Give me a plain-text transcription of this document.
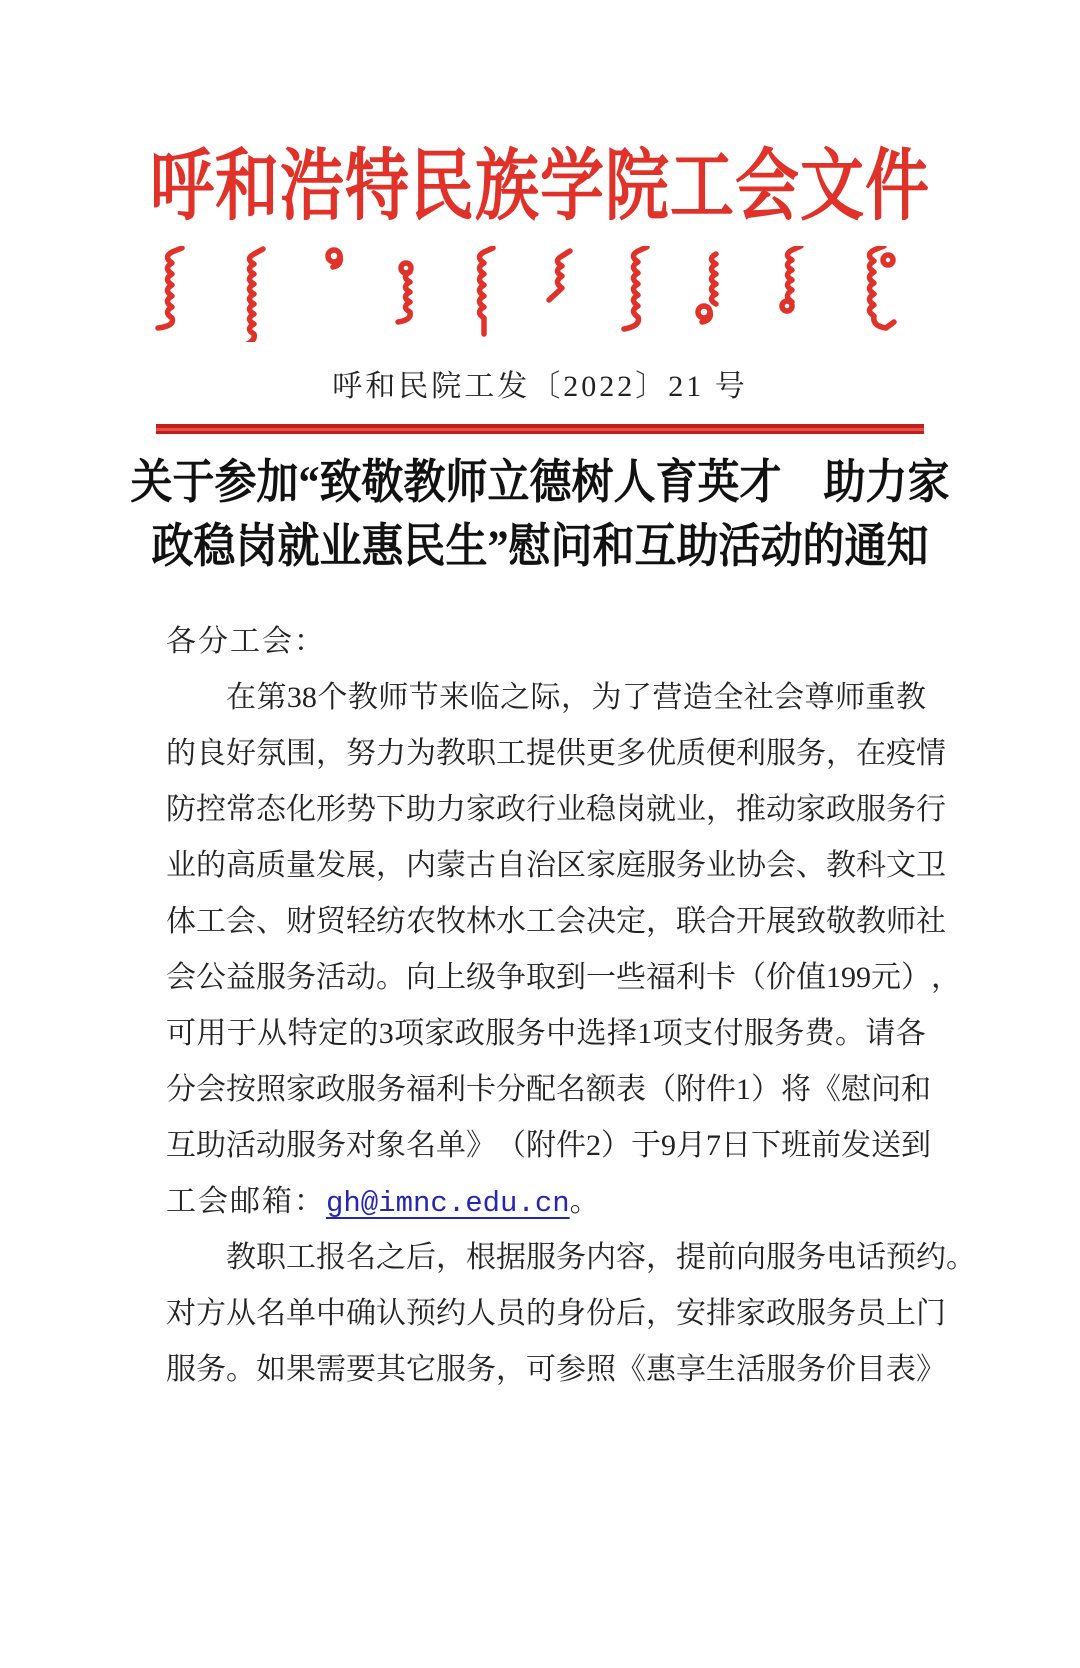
呼和浩特民族学院工会文件
呼和民院工发〔2022〕21 号
关于参加“致敬教师立德树人育英才　助力家
政稳岗就业惠民生”慰问和互助活动的通知
各分工会：
在 第 38 个 教 师 节 来 临 之 际 ， 为 了 营 造 全 社 会 尊 师 重 教
的 良 好 氛 围 ， 努 力 为 教 职 工 提 供 更 多 优 质 便 利 服 务 ， 在 疫 情
防 控 常 态 化 形 势 下 助 力 家 政 行 业 稳 岗 就 业 ， 推 动 家 政 服 务 行
业 的 高 质 量 发 展 ， 内 蒙 古 自 治 区 家 庭 服 务 业 协 会 、 教 科 文 卫
体 工 会 、 财 贸 轻 纺 农 牧 林 水 工 会 决 定 ， 联 合 开 展 致 敬 教 师 社
会 公 益 服 务 活 动 。 向 上 级 争 取 到 一 些 福 利 卡 （ 价 值 199 元 ） ，
可 用 于 从 特 定 的 3 项 家 政 服 务 中 选 择 1 项 支 付 服 务 费 。 请 各
分 会 按 照 家 政 服 务 福 利 卡 分 配 名 额 表 （ 附 件 1 ） 将 《 慰 问 和
互 助 活 动 服 务 对 象 名 单 》 （ 附 件 2 ） 于 9 月 7 日 下 班 前 发 送 到
工会邮箱：gh@imnc.edu.cn。
教 职 工 报 名 之 后 ， 根 据 服 务 内 容 ， 提 前 向 服 务 电 话 预 约 。
对 方 从 名 单 中 确 认 预 约 人 员 的 身 份 后 ， 安 排 家 政 服 务 员 上 门
服 务 。 如 果 需 要 其 它 服 务 ， 可 参 照 《 惠 享 生 活 服 务 价 目 表 》
